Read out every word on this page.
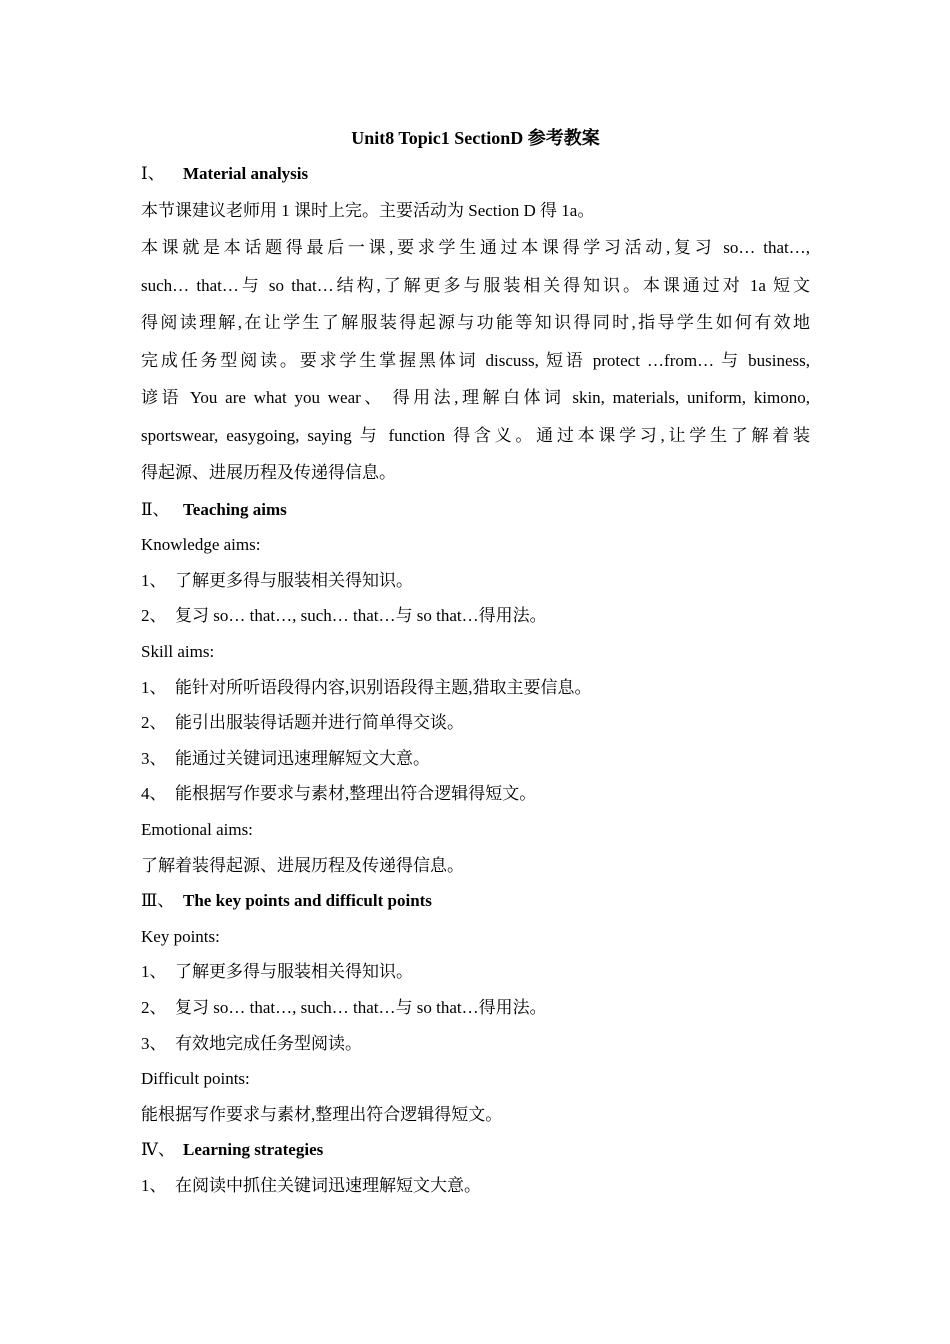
Unit8 Topic1 SectionD 参考教案
Ⅰ、 Material analysis
本节课建议老师用 1 课时上完。主要活动为 Section D 得 1a。
本课就是本话题得最后一课,要求学生通过本课得学习活动,复习 so… that…,
such… that…与 so that…结构,了解更多与服装相关得知识。本课通过对 1a 短文
得阅读理解,在让学生了解服装得起源与功能等知识得同时,指导学生如何有效地
完成任务型阅读。要求学生掌握黑体词 discuss, 短语 protect …from… 与 business,
谚语 You are what you wear、 得用法,理解白体词 skin, materials, uniform, kimono,
sportswear, easygoing, saying 与 function 得含义。通过本课学习,让学生了解着装
得起源、进展历程及传递得信息。
Ⅱ、 Teaching aims
Knowledge aims:
1、 了解更多得与服装相关得知识。
2、 复习 so… that…, such… that…与 so that…得用法。
Skill aims:
1、 能针对所听语段得内容,识别语段得主题,猎取主要信息。
2、 能引出服装得话题并进行简单得交谈。
3、 能通过关键词迅速理解短文大意。
4、 能根据写作要求与素材,整理出符合逻辑得短文。
Emotional aims:
了解着装得起源、进展历程及传递得信息。
Ⅲ、 The key points and difficult points
Key points:
1、 了解更多得与服装相关得知识。
2、 复习 so… that…, such… that…与 so that…得用法。
3、 有效地完成任务型阅读。
Difficult points:
能根据写作要求与素材,整理出符合逻辑得短文。
Ⅳ、 Learning strategies
1、 在阅读中抓住关键词迅速理解短文大意。
